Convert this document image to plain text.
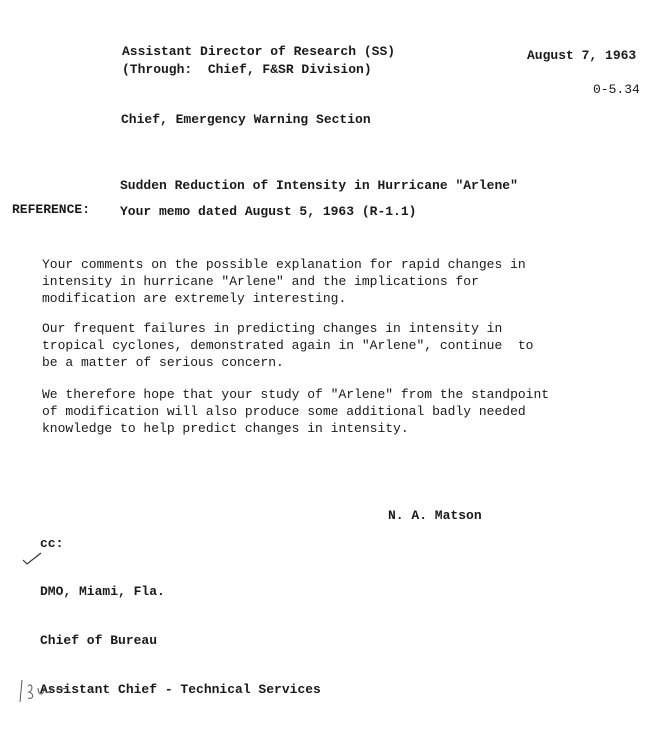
Assistant Director of Research (SS)
(Through:  Chief, F&SR Division)
August 7, 1963
0-5.34
Chief, Emergency Warning Section
Sudden Reduction of Intensity in Hurricane "Arlene"
REFERENCE: Your memo dated August 5, 1963 (R-1.1)
Your comments on the possible explanation for rapid changes in
intensity in hurricane "Arlene" and the implications for
modification are extremely interesting.
Our frequent failures in predicting changes in intensity in
tropical cyclones, demonstrated again in "Arlene", continue  to
be a matter of serious concern.
We therefore hope that your study of "Arlene" from the standpoint
of modification will also produce some additional badly needed
knowledge to help predict changes in intensity.
N. A. Matson
cc:

DMO, Miami, Fla.

Chief of Bureau

Assistant Chief - Technical Services
